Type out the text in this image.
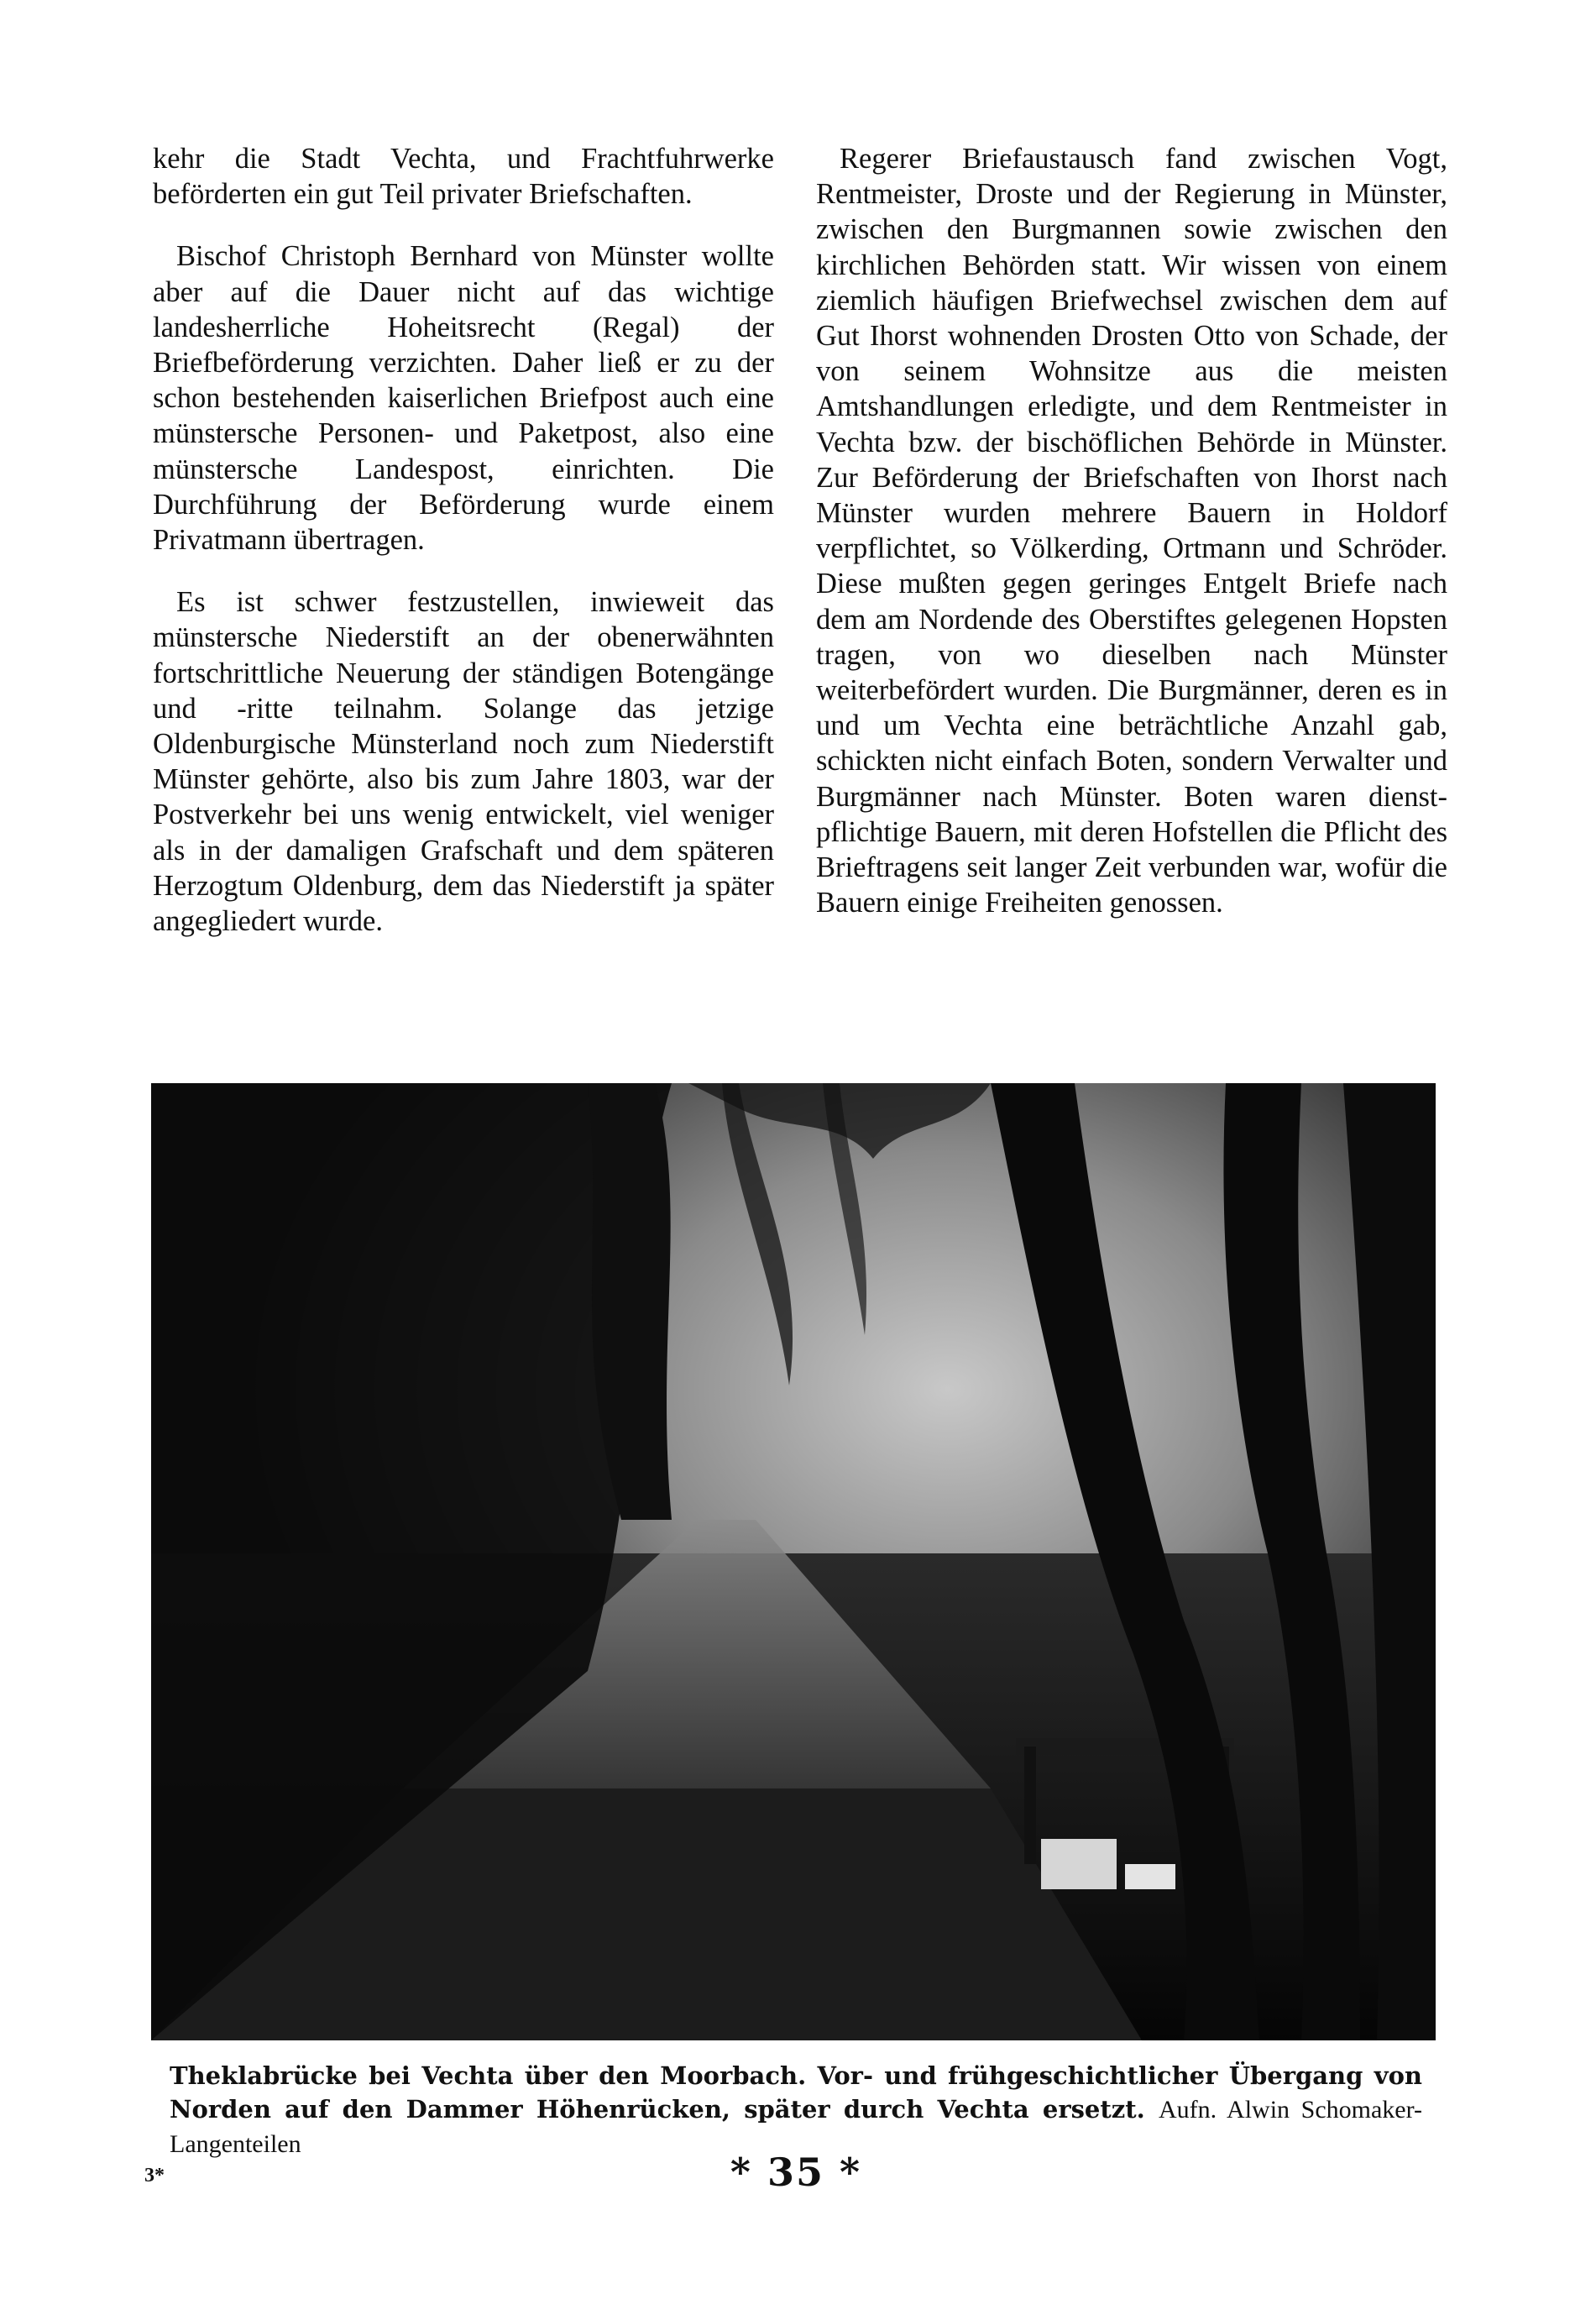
kehr die Stadt Vechta, und Frachtfuhrwerke beförderten ein gut Teil privater Briefschaften.

Bischof Christoph Bernhard von Münster wollte aber auf die Dauer nicht auf das wichtige landesherrliche Hoheitsrecht (Regal) der Briefbeförderung verzichten. Daher ließ er zu der schon bestehenden kaiserlichen Briefpost auch eine münstersche Personen- und Paketpost, also eine münstersche Landespost, einrichten. Die Durchführung der Beförderung wurde einem Privatmann übertragen.

Es ist schwer festzustellen, inwieweit das münstersche Niederstift an der obenerwähnten fortschrittliche Neuerung der ständigen Botengänge und -ritte teilnahm. Solange das jetzige Oldenburgische Münsterland noch zum Niederstift Münster gehörte, also bis zum Jahre 1803, war der Postverkehr bei uns wenig entwickelt, viel weniger als in der damaligen Grafschaft und dem späteren Herzogtum Oldenburg, dem das Niederstift ja später angegliedert wurde.

Regerer Briefaustausch fand zwischen Vogt, Rentmeister, Droste und der Regierung in Münster, zwischen den Burgmannen sowie zwischen den kirchlichen Behörden statt. Wir wissen von einem ziemlich häufigen Briefwechsel zwischen dem auf Gut Ihorst wohnenden Drosten Otto von Schade, der von seinem Wohnsitze aus die meisten Amtshandlungen erledigte, und dem Rentmeister in Vechta bzw. der bischöflichen Behörde in Münster. Zur Beförderung der Briefschaften von Ihorst nach Münster wurden mehrere Bauern in Holdorf verpflichtet, so Völkerding, Ortmann und Schröder. Diese mußten gegen geringes Entgelt Briefe nach dem am Nordende des Oberstiftes gelegenen Hopsten tragen, von wo dieselben nach Münster weiterbefördert wurden. Die Burgmänner, deren es in und um Vechta eine beträchtliche Anzahl gab, schickten nicht einfach Boten, sondern Verwalter und Burgmänner nach Münster. Boten waren dienstpflichtige Bauern, mit deren Hofstellen die Pflicht des Brieftragens seit langer Zeit verbunden war, wofür die Bauern einige Freiheiten genossen.

Theklabrücke bei Vechta über den Moorbach. Vor- und frühgeschichtlicher Übergang von Norden auf den Dammer Höhenrücken, später durch Vechta ersetzt. Aufn. Alwin Schomaker-Langenteilen
3*	* 35 *
